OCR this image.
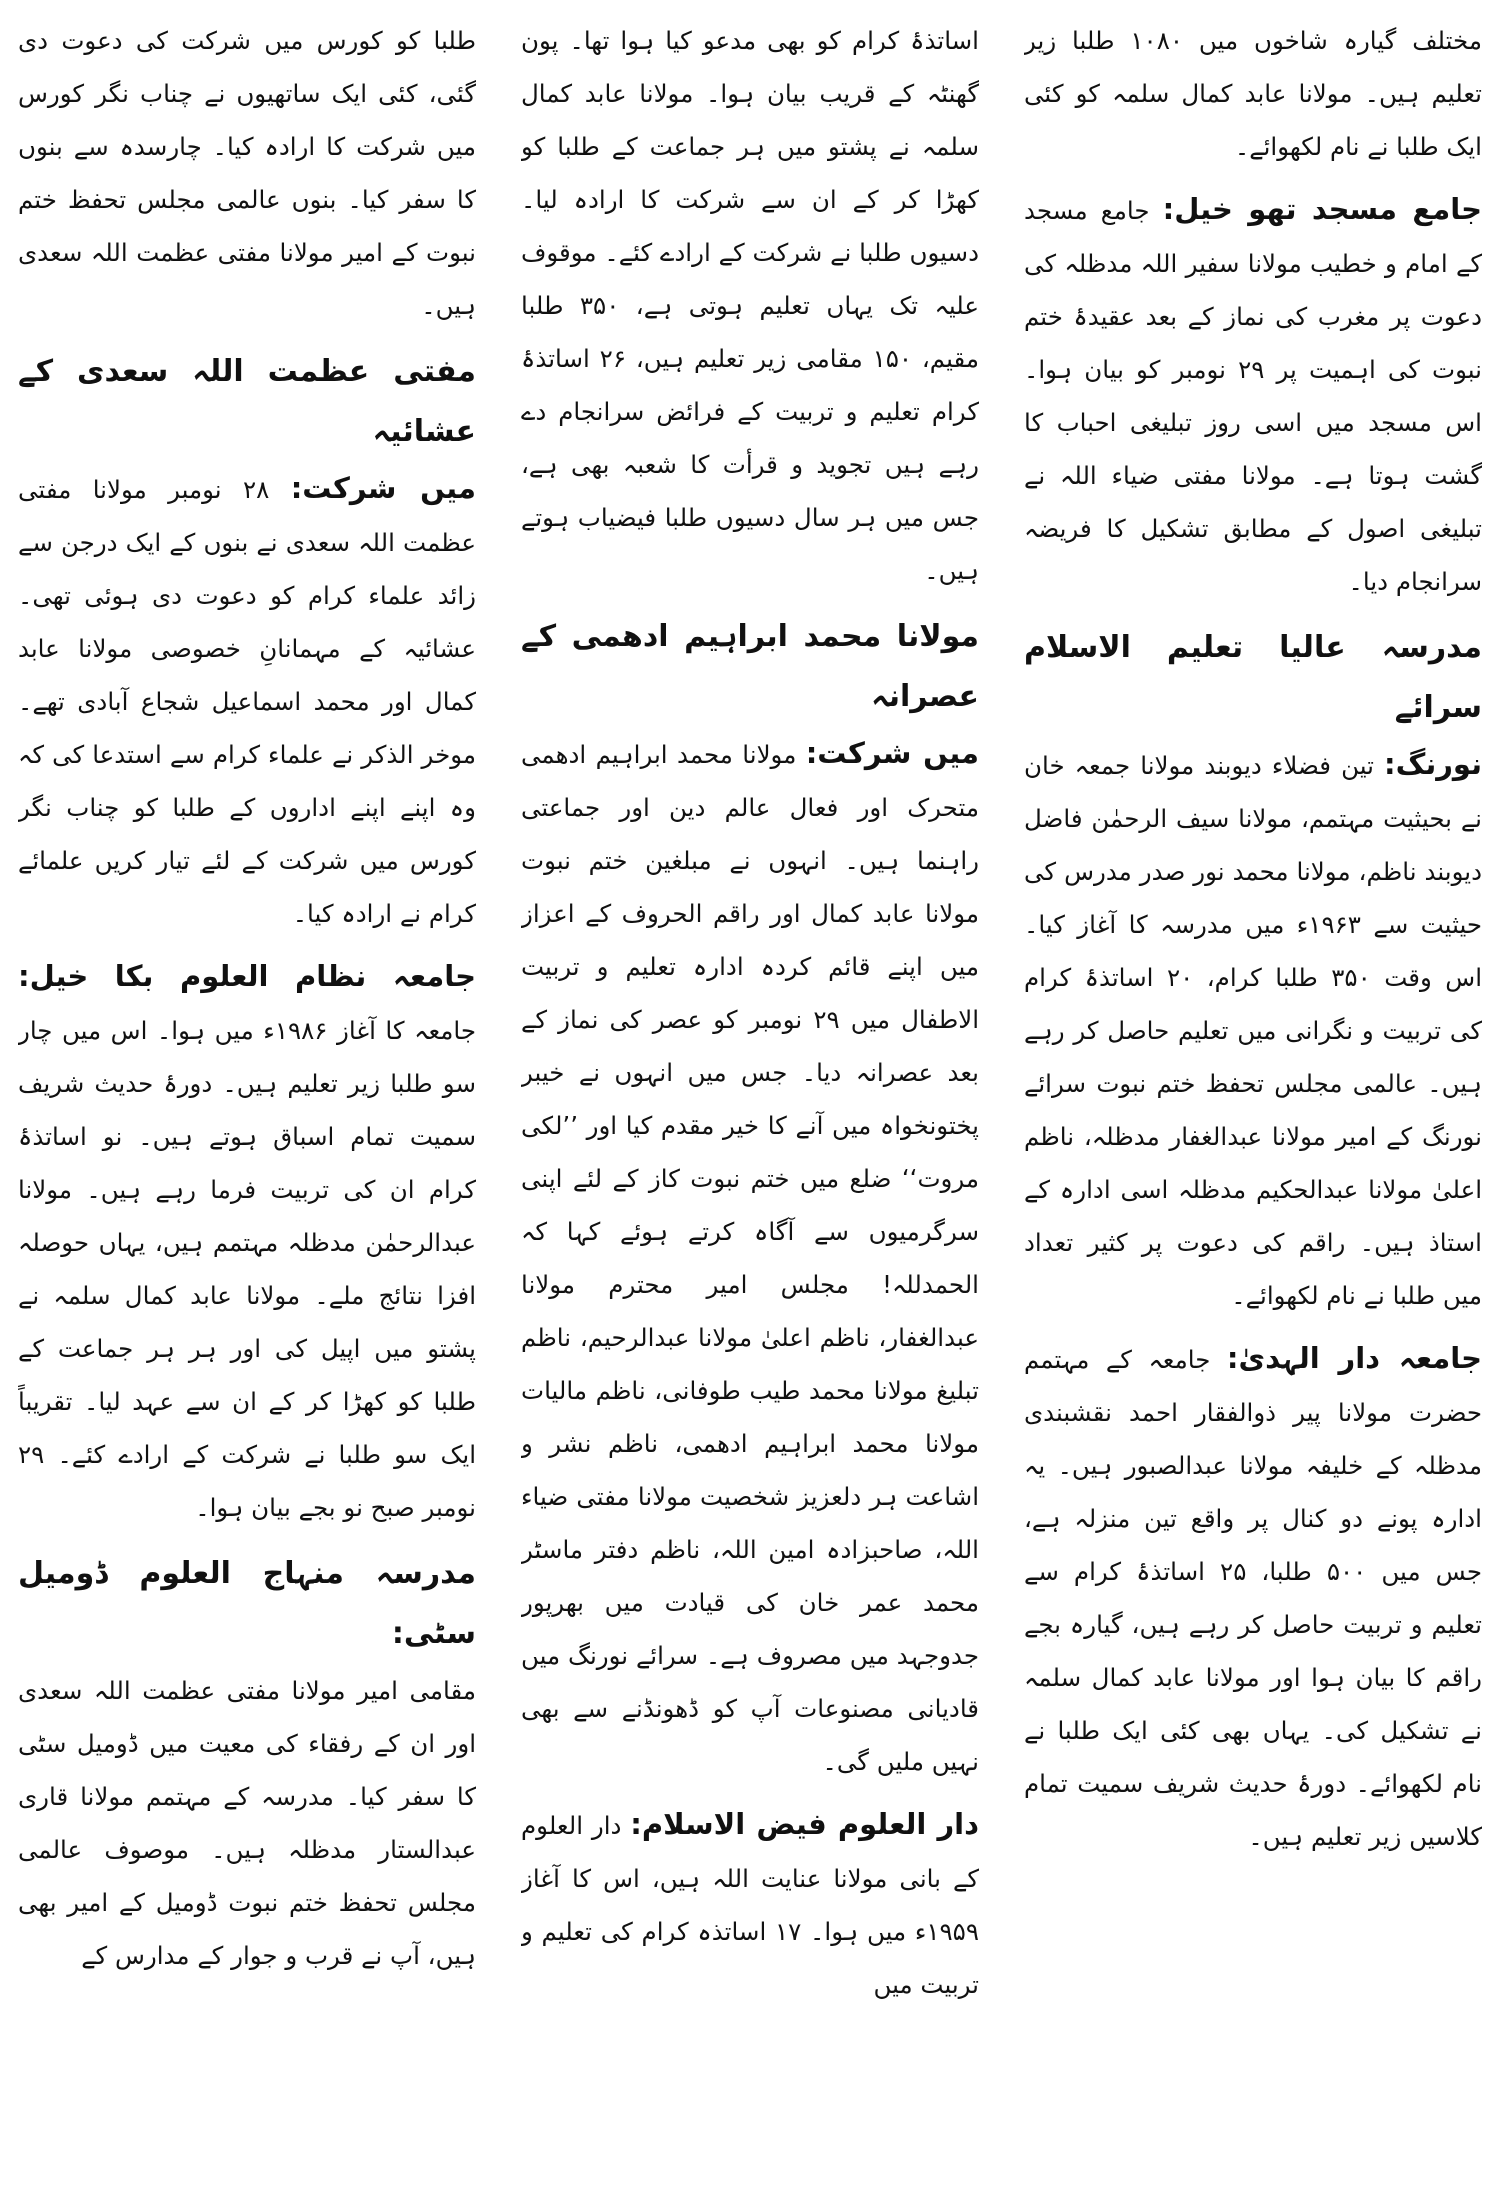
طلبا کو کورس میں شرکت کی دعوت دی گئی، کئی ایک ساتھیوں نے چناب نگر کورس میں شرکت کا ارادہ کیا۔ چارسدہ سے بنوں کا سفر کیا۔ بنوں عالمی مجلس تحفظ ختم نبوت کے امیر مولانا مفتی عظمت اللہ سعدی ہیں۔

مفتی عظمت اللہ سعدی کے عشائیہ

میں شرکت: ۲۸ نومبر مولانا مفتی عظمت اللہ سعدی نے بنوں کے ایک درجن سے زائد علماء کرام کو دعوت دی ہوئی تھی۔ عشائیہ کے مہمانانِ خصوصی مولانا عابد کمال اور محمد اسماعیل شجاع آبادی تھے۔ موخر الذکر نے علماء کرام سے استدعا کی کہ وہ اپنے اپنے اداروں کے طلبا کو چناب نگر کورس میں شرکت کے لئے تیار کریں علمائے کرام نے ارادہ کیا۔

جامعہ نظام العلوم بکا خیل: جامعہ کا آغاز ۱۹۸۶ء میں ہوا۔ اس میں چار سو طلبا زیر تعلیم ہیں۔ دورۂ حدیث شریف سمیت تمام اسباق ہوتے ہیں۔ نو اساتذۂ کرام ان کی تربیت فرما رہے ہیں۔ مولانا عبدالرحمٰن مدظلہ مہتمم ہیں، یہاں حوصلہ افزا نتائج ملے۔ مولانا عابد کمال سلمہ نے پشتو میں اپیل کی اور ہر ہر جماعت کے طلبا کو کھڑا کر کے ان سے عہد لیا۔ تقریباً ایک سو طلبا نے شرکت کے ارادے کئے۔ ۲۹ نومبر صبح نو بجے بیان ہوا۔

مدرسہ منہاج العلوم ڈومیل سٹی:

مقامی امیر مولانا مفتی عظمت اللہ سعدی اور ان کے رفقاء کی معیت میں ڈومیل سٹی کا سفر کیا۔ مدرسہ کے مہتمم مولانا قاری عبدالستار مدظلہ ہیں۔ موصوف عالمی مجلس تحفظ ختم نبوت ڈومیل کے امیر بھی ہیں، آپ نے قرب و جوار کے مدارس کے

اساتذۂ کرام کو بھی مدعو کیا ہوا تھا۔ پون گھنٹہ کے قریب بیان ہوا۔ مولانا عابد کمال سلمہ نے پشتو میں ہر جماعت کے طلبا کو کھڑا کر کے ان سے شرکت کا ارادہ لیا۔ دسیوں طلبا نے شرکت کے ارادے کئے۔ موقوف علیہ تک یہاں تعلیم ہوتی ہے، ۳۵۰ طلبا مقیم، ۱۵۰ مقامی زیر تعلیم ہیں، ۲۶ اساتذۂ کرام تعلیم و تربیت کے فرائض سرانجام دے رہے ہیں تجوید و قرأت کا شعبہ بھی ہے، جس میں ہر سال دسیوں طلبا فیضیاب ہوتے ہیں۔

مولانا محمد ابراہیم ادھمی کے عصرانہ

میں شرکت: مولانا محمد ابراہیم ادھمی متحرک اور فعال عالم دین اور جماعتی راہنما ہیں۔ انہوں نے مبلغین ختم نبوت مولانا عابد کمال اور راقم الحروف کے اعزاز میں اپنے قائم کردہ ادارہ تعلیم و تربیت الاطفال میں ۲۹ نومبر کو عصر کی نماز کے بعد عصرانہ دیا۔ جس میں انہوں نے خیبر پختونخواہ میں آنے کا خیر مقدم کیا اور ’’لکی مروت‘‘ ضلع میں ختم نبوت کاز کے لئے اپنی سرگرمیوں سے آگاہ کرتے ہوئے کہا کہ الحمدللہ! مجلس امیر محترم مولانا عبدالغفار، ناظم اعلیٰ مولانا عبدالرحیم، ناظم تبلیغ مولانا محمد طیب طوفانی، ناظم مالیات مولانا محمد ابراہیم ادھمی، ناظم نشر و اشاعت ہر دلعزیز شخصیت مولانا مفتی ضیاء اللہ، صاحبزادہ امین اللہ، ناظم دفتر ماسٹر محمد عمر خان کی قیادت میں بھرپور جدوجہد میں مصروف ہے۔ سرائے نورنگ میں قادیانی مصنوعات آپ کو ڈھونڈنے سے بھی نہیں ملیں گی۔

دار العلوم فیض الاسلام: دار العلوم کے بانی مولانا عنایت اللہ ہیں، اس کا آغاز ۱۹۵۹ء میں ہوا۔ ۱۷ اساتذہ کرام کی تعلیم و تربیت میں

مختلف گیارہ شاخوں میں ۱۰۸۰ طلبا زیر تعلیم ہیں۔ مولانا عابد کمال سلمہ کو کئی ایک طلبا نے نام لکھوائے۔

جامع مسجد تھو خیل: جامع مسجد کے امام و خطیب مولانا سفیر اللہ مدظلہ کی دعوت پر مغرب کی نماز کے بعد عقیدۂ ختم نبوت کی اہمیت پر ۲۹ نومبر کو بیان ہوا۔ اس مسجد میں اسی روز تبلیغی احباب کا گشت ہوتا ہے۔ مولانا مفتی ضیاء اللہ نے تبلیغی اصول کے مطابق تشکیل کا فریضہ سرانجام دیا۔

مدرسہ عالیا تعلیم الاسلام سرائے

نورنگ: تین فضلاء دیوبند مولانا جمعہ خان نے بحیثیت مہتمم، مولانا سیف الرحمٰن فاضل دیوبند ناظم، مولانا محمد نور صدر مدرس کی حیثیت سے ۱۹۶۳ء میں مدرسہ کا آغاز کیا۔ اس وقت ۳۵۰ طلبا کرام، ۲۰ اساتذۂ کرام کی تربیت و نگرانی میں تعلیم حاصل کر رہے ہیں۔ عالمی مجلس تحفظ ختم نبوت سرائے نورنگ کے امیر مولانا عبدالغفار مدظلہ، ناظم اعلیٰ مولانا عبدالحکیم مدظلہ اسی ادارہ کے استاذ ہیں۔ راقم کی دعوت پر کثیر تعداد میں طلبا نے نام لکھوائے۔

جامعہ دار الہدیٰ: جامعہ کے مہتمم حضرت مولانا پیر ذوالفقار احمد نقشبندی مدظلہ کے خلیفہ مولانا عبدالصبور ہیں۔ یہ ادارہ پونے دو کنال پر واقع تین منزلہ ہے، جس میں ۵۰۰ طلبا، ۲۵ اساتذۂ کرام سے تعلیم و تربیت حاصل کر رہے ہیں، گیارہ بجے راقم کا بیان ہوا اور مولانا عابد کمال سلمہ نے تشکیل کی۔ یہاں بھی کئی ایک طلبا نے نام لکھوائے۔ دورۂ حدیث شریف سمیت تمام کلاسیں زیر تعلیم ہیں۔
